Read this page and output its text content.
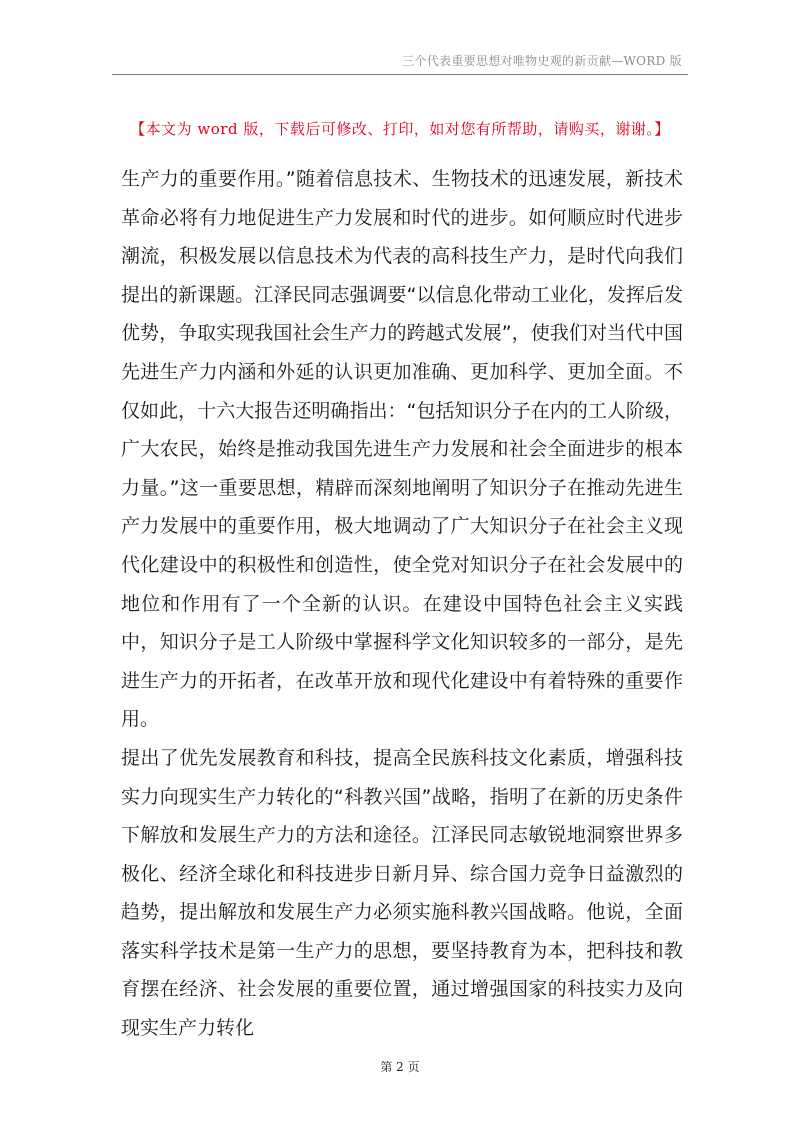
三个代表重要思想对唯物史观的新贡献—WORD 版
【本文为 word 版，下载后可修改、打印，如对您有所帮助，请购买，谢谢。】

生产力的重要作用。”随着信息技术、生物技术的迅速发展，新技术革命必将有力地促进生产力发展和时代的进步。如何顺应时代进步潮流，积极发展以信息技术为代表的高科技生产力，是时代向我们提出的新课题。江泽民同志强调要“以信息化带动工业化，发挥后发优势，争取实现我国社会生产力的跨越式发展”，使我们对当代中国先进生产力内涵和外延的认识更加准确、更加科学、更加全面。不仅如此，十六大报告还明确指出：“包括知识分子在内的工人阶级，广大农民，始终是推动我国先进生产力发展和社会全面进步的根本力量。”这一重要思想，精辟而深刻地阐明了知识分子在推动先进生产力发展中的重要作用，极大地调动了广大知识分子在社会主义现代化建设中的积极性和创造性，使全党对知识分子在社会发展中的地位和作用有了一个全新的认识。在建设中国特色社会主义实践中，知识分子是工人阶级中掌握科学文化知识较多的一部分，是先进生产力的开拓者，在改革开放和现代化建设中有着特殊的重要作用。

提出了优先发展教育和科技，提高全民族科技文化素质，增强科技实力向现实生产力转化的“科教兴国”战略，指明了在新的历史条件下解放和发展生产力的方法和途径。江泽民同志敏锐地洞察世界多极化、经济全球化和科技进步日新月异、综合国力竞争日益激烈的趋势，提出解放和发展生产力必须实施科教兴国战略。他说，全面落实科学技术是第一生产力的思想，要坚持教育为本，把科技和教育摆在经济、社会发展的重要位置，通过增强国家的科技实力及向现实生产力转化

第 2 页
